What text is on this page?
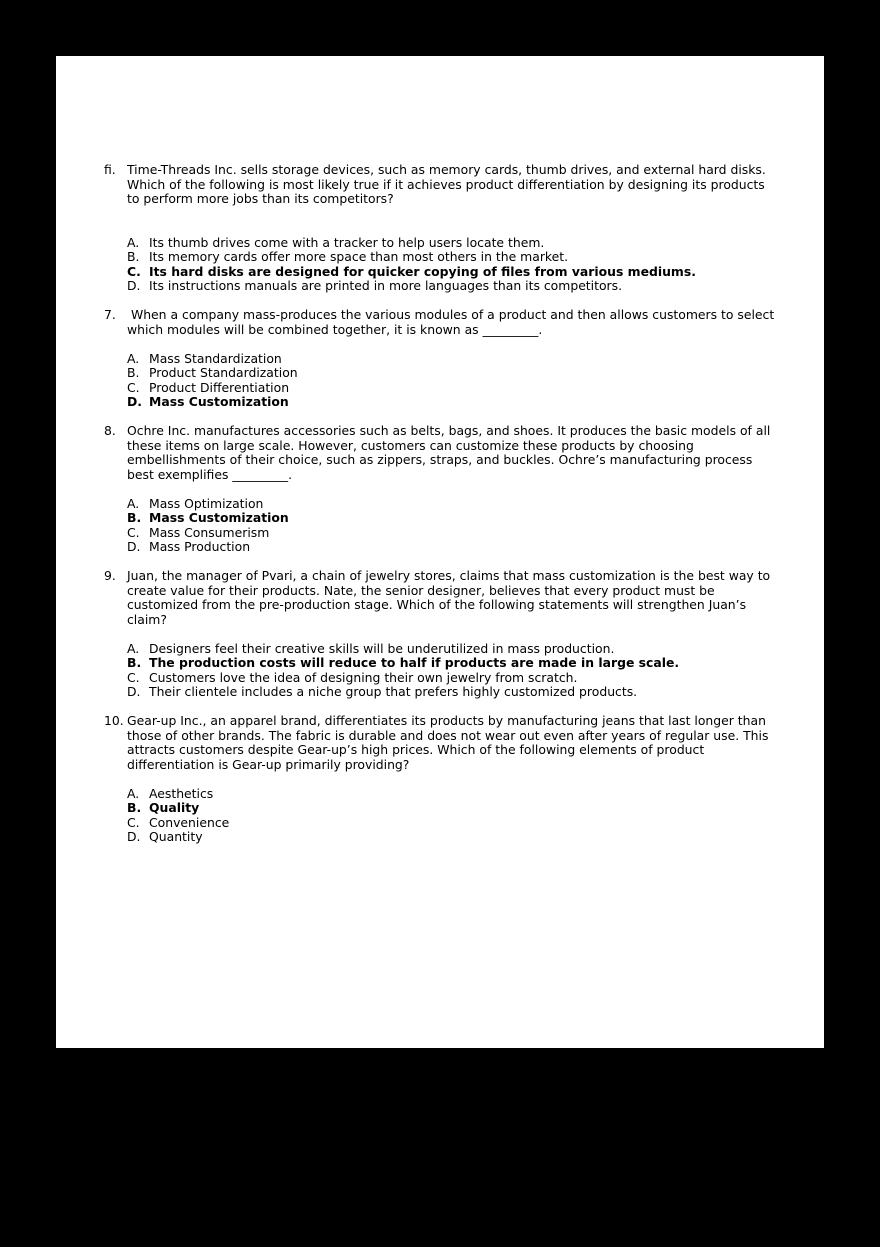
fi. Time-Threads Inc. sells storage devices, such as memory cards, thumb drives, and external hard disks. Which of the following is most likely true if it achieves product differentiation by designing its products to perform more jobs than its competitors?
A. Its thumb drives come with a tracker to help users locate them.
B. Its memory cards offer more space than most others in the market.
C. Its hard disks are designed for quicker copying of files from various mediums.
D. Its instructions manuals are printed in more languages than its competitors.
7. When a company mass-produces the various modules of a product and then allows customers to select which modules will be combined together, it is known as _________.
A. Mass Standardization
B. Product Standardization
C. Product Differentiation
D. Mass Customization
8. Ochre Inc. manufactures accessories such as belts, bags, and shoes. It produces the basic models of all these items on large scale. However, customers can customize these products by choosing embellishments of their choice, such as zippers, straps, and buckles. Ochre’s manufacturing process best exemplifies _________.
A. Mass Optimization
B. Mass Customization
C. Mass Consumerism
D. Mass Production
9. Juan, the manager of Pvari, a chain of jewelry stores, claims that mass customization is the best way to create value for their products. Nate, the senior designer, believes that every product must be customized from the pre-production stage. Which of the following statements will strengthen Juan’s claim?
A. Designers feel their creative skills will be underutilized in mass production.
B. The production costs will reduce to half if products are made in large scale.
C. Customers love the idea of designing their own jewelry from scratch.
D. Their clientele includes a niche group that prefers highly customized products.
10. Gear-up Inc., an apparel brand, differentiates its products by manufacturing jeans that last longer than those of other brands. The fabric is durable and does not wear out even after years of regular use. This attracts customers despite Gear-up’s high prices. Which of the following elements of product differentiation is Gear-up primarily providing?
A. Aesthetics
B. Quality
C. Convenience
D. Quantity
